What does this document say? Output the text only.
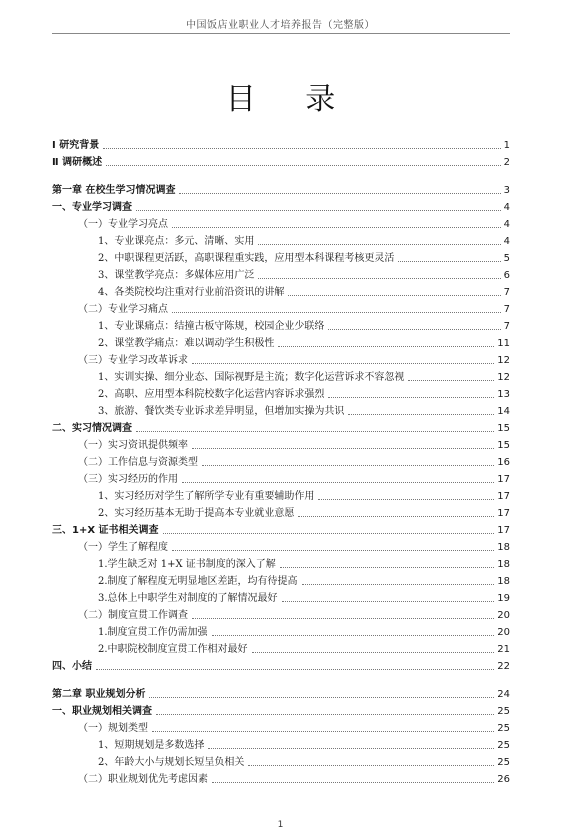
中国饭店业职业人才培养报告（完整版）
目 录
Ⅰ 研究背景	1
Ⅱ 调研概述	2
第一章 在校生学习情况调查	3
一、专业学习调查	4
（一）专业学习亮点	4
1、专业课亮点：多元、清晰、实用	4
2、中职课程更活跃，高职课程重实践，应用型本科课程考核更灵活	5
3、课堂教学亮点：多媒体应用广泛	6
4、各类院校均注重对行业前沿资讯的讲解	7
（二）专业学习痛点	7
1、专业课痛点：结撞古板守陈规，校园企业少联络	7
2、课堂教学痛点：难以调动学生积极性	11
（三）专业学习改革诉求	12
1、实训实操、细分业态、国际视野是主流；数字化运营诉求不容忽视	12
2、高职、应用型本科院校数字化运营内容诉求强烈	13
3、旅游、餐饮类专业诉求差异明显，但增加实操为共识	14
二、实习情况调查	15
（一）实习资讯提供频率	15
（二）工作信息与资源类型	16
（三）实习经历的作用	17
1、实习经历对学生了解所学专业有重要辅助作用	17
2、实习经历基本无助于提高本专业就业意愿	17
三、1+X 证书相关调查	17
（一）学生了解程度	18
1.学生缺乏对 1+X 证书制度的深入了解	18
2.制度了解程度无明显地区差距，均有待提高	18
3.总体上中职学生对制度的了解情况最好	19
（二）制度宣贯工作调查	20
1.制度宣贯工作仍需加强	20
2.中职院校制度宣贯工作相对最好	21
四、小结	22
第二章 职业规划分析	24
一、职业规划相关调查	25
（一）规划类型	25
1、短期规划是多数选择	25
2、年龄大小与规划长短呈负相关	25
（二）职业规划优先考虑因素	26
1
